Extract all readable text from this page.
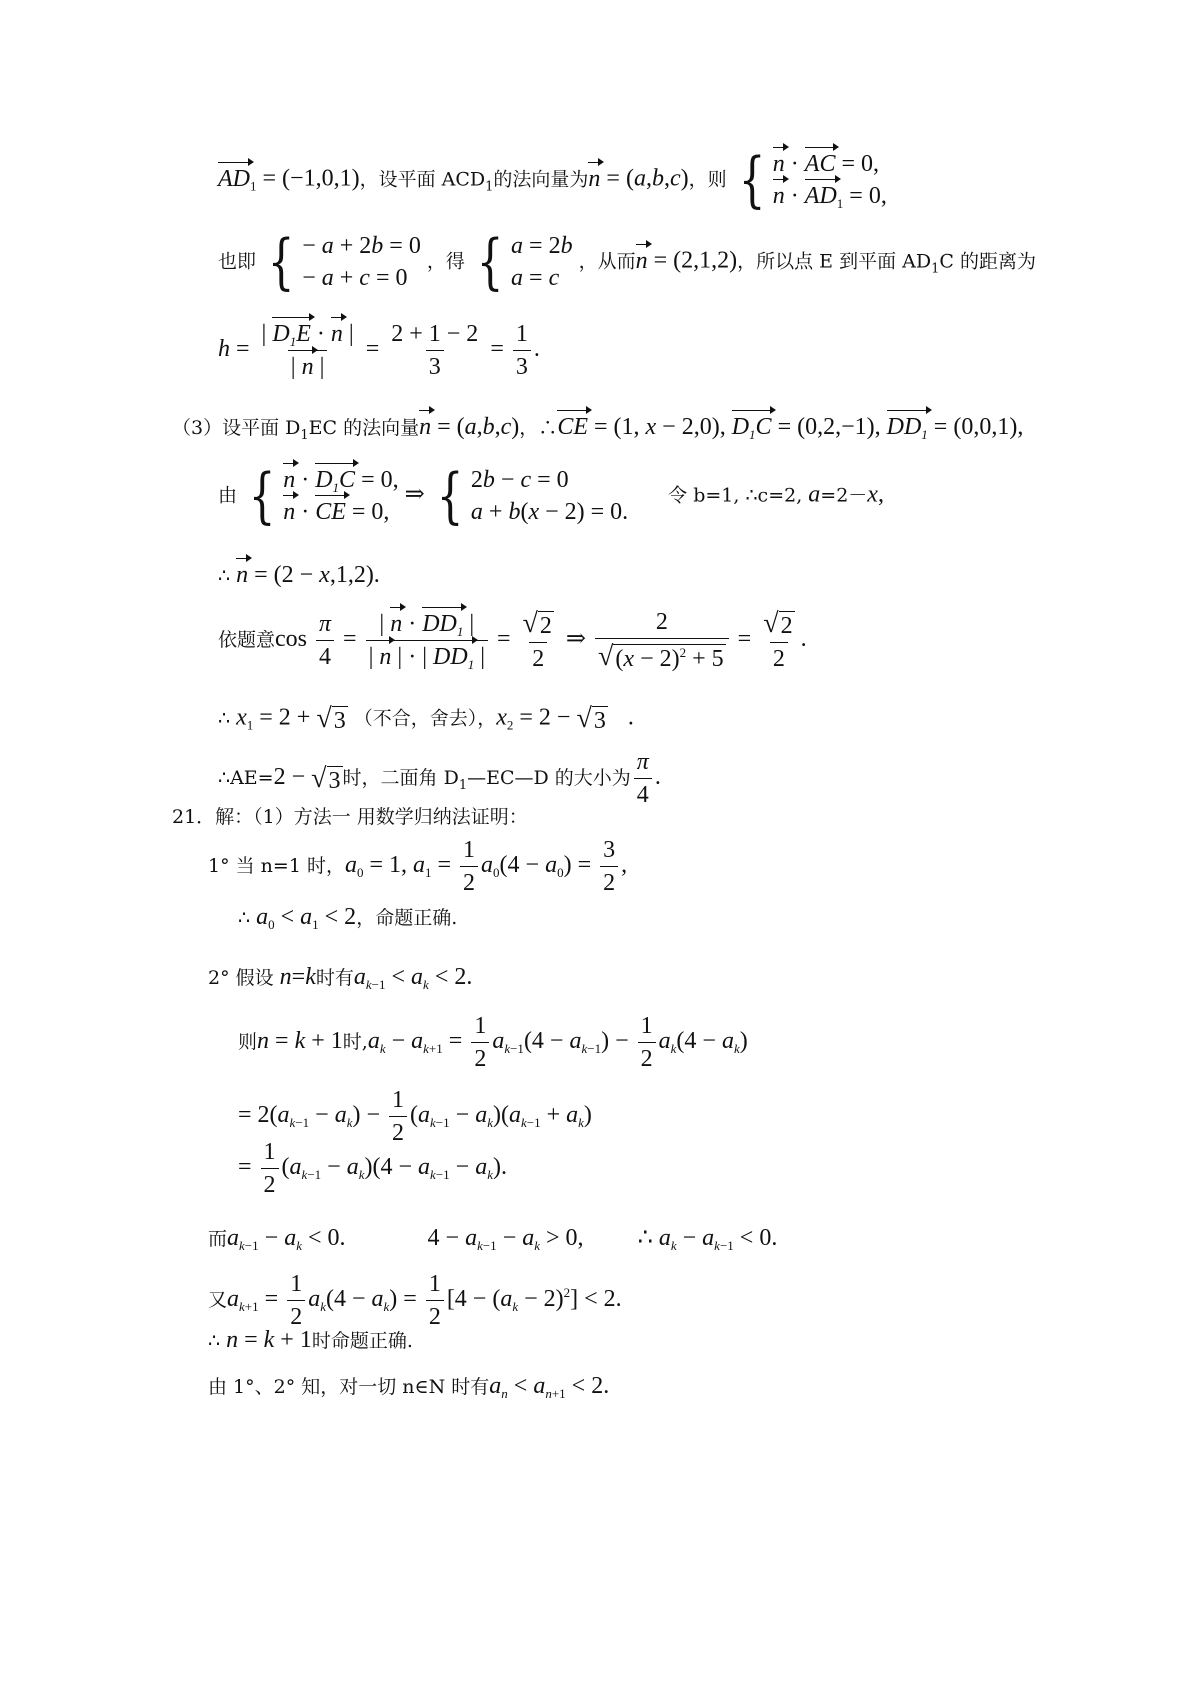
$AD_1 = (-1,0,1)$，设平面 $ACD_1$的法向量为n = (a,b,c)，则 { n · AC = 0,
$n \cdot AD_1 = 0$,
也即 { − a + 2b = 0
− a + c = 0
，得 { a = 2b
a = c
，从而n = (2,1,2)，所以点 E 到平面 $AD_1C$ 的距离为
$h = \frac{| D_1E \cdot n |}{| n |} = \frac{2 + 1 - 2}{3} = \frac{1}{3}$ .
（3）设平面 $D_1EC$ 的法向量n = (a,b,c)，∴CE = (1, x − 2,0), $D_1C = (0,2,-1)$, $DD_1 = (0,0,1)$,
由 { $n \cdot D_1C = 0$,
n · CE = 0,
⇒ { 2b − c = 0
a + b(x − 2) = 0.
令 b=1, ∴c=2, a=2－x,
∴ n = (2 − x,1,2).
依题意$\cos \frac{\pi}{4} = \frac{| n \cdot DD_1 |}{| n | \cdot | DD_1 |} = \frac{√ 2}{2}$ ⇒ $\frac{2}{√ (x - 2)^2 + 5} = \frac{√ 2}{2}$ .
∴ $x_1 = 2$ + √ 3 （不合，舍去），$x_2 = 2$ − √ 3 .
∴AE=2 − √ 3 时，二面角 $D_1—EC—D$ 的大小为 $\frac{\pi}{4}$ .
21．解：（1）方法一 用数学归纳法证明：
1° 当 n=1 时，$a_0 = 1$, $a_1 = \frac{1}{2} a_0(4 - a_0) = \frac{3}{2}$ ,
∴ $a_0 < a_1 < 2$，命题正确.
2° 假设 n=k时有$a_{k-1} < a_k < 2$.
则n = k + 1时$,a_k - a_{k+1} = \frac{1}{2} a_{k-1}(4 - a_{k-1}) - \frac{1}{2} a_k(4 - a_k)$
= $2(a_{k-1} - a_k) - \frac{1}{2} (a_{k-1} - a_k)(a_{k-1} + a_k)$
= $\frac{1}{2} (a_{k-1} - a_k)(4 - a_{k-1} - a_k)$.
而$a_{k-1} - a_k < 0$.	$4 - a_{k-1} - a_k > 0$,  ∴ $a_k - a_{k-1} < 0$.
又$a_{k+1} = \frac{1}{2} a_k(4 - a_k) = \frac{1}{2} [4 - (a_k - 2)^2] < 2$.
∴ n = k + 1时命题正确.
由 1°、2° 知，对一切 n∈N 时有$a_n < a_{n+1} < 2$.
